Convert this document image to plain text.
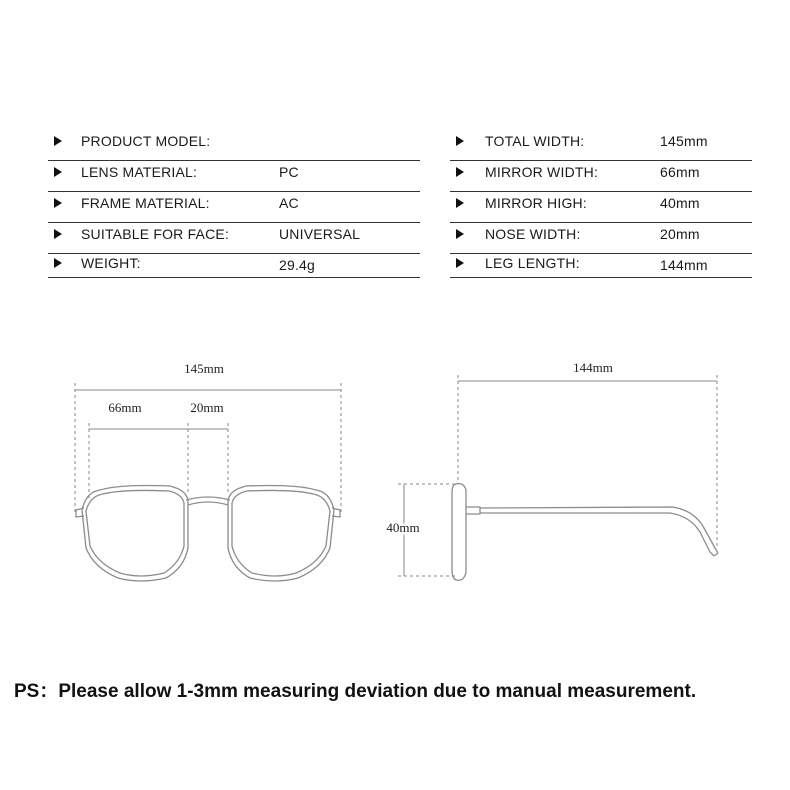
PRODUCT MODEL:
LENS MATERIAL:	PC
FRAME MATERIAL:	AC
SUITABLE FOR FACE:	UNIVERSAL
WEIGHT:	29.4g
TOTAL WIDTH:	145mm
MIRROR WIDTH:	66mm
MIRROR HIGH:	40mm
NOSE WIDTH:	20mm
LEG LENGTH:	144mm
145mm
66mm	20mm
144mm
40mm
PS：Please allow 1-3mm measuring deviation due to manual measurement.
